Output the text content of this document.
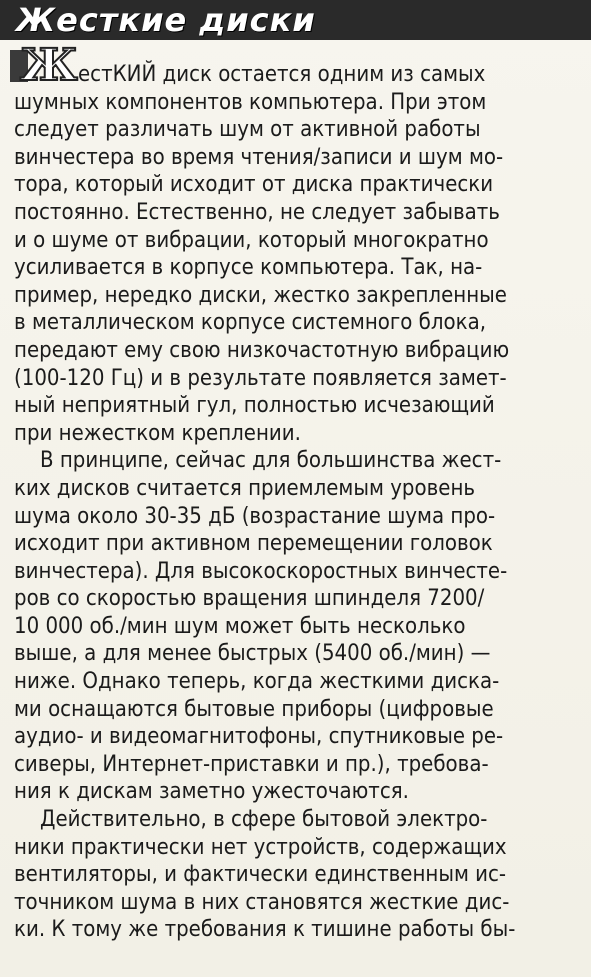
Жесткие диски

Ж естКИЙ диск остается одним из самых
шумных компонентов компьютера. При этом
следует различать шум от активной работы
винчестера во время чтения/записи и шум мо-
тора, который исходит от диска практически
постоянно. Естественно, не следует забывать
и о шуме от вибрации, который многократно
усиливается в корпусе компьютера. Так, на-
пример, нередко диски, жестко закрепленные
в металлическом корпусе системного блока,
передают ему свою низкочастотную вибрацию
(100-120 Гц) и в результате появляется замет-
ный неприятный гул, полностью исчезающий
при нежестком креплении.

В принципе, сейчас для большинства жест-
ких дисков считается приемлемым уровень
шума около 30-35 дБ (возрастание шума про-
исходит при активном перемещении головок
винчестера). Для высокоскоростных винчесте-
ров со скоростью вращения шпинделя 7200/
10 000 об./мин шум может быть несколько
выше, а для менее быстрых (5400 об./мин) —
ниже. Однако теперь, когда жесткими диска-
ми оснащаются бытовые приборы (цифровые
аудио- и видеомагнитофоны, спутниковые ре-
сиверы, Интернет-приставки и пр.), требова-
ния к дискам заметно ужесточаются.

Действительно, в сфере бытовой электро-
ники практически нет устройств, содержащих
вентиляторы, и фактически единственным ис-
точником шума в них становятся жесткие дис-
ки. К тому же требования к тишине работы бы-
